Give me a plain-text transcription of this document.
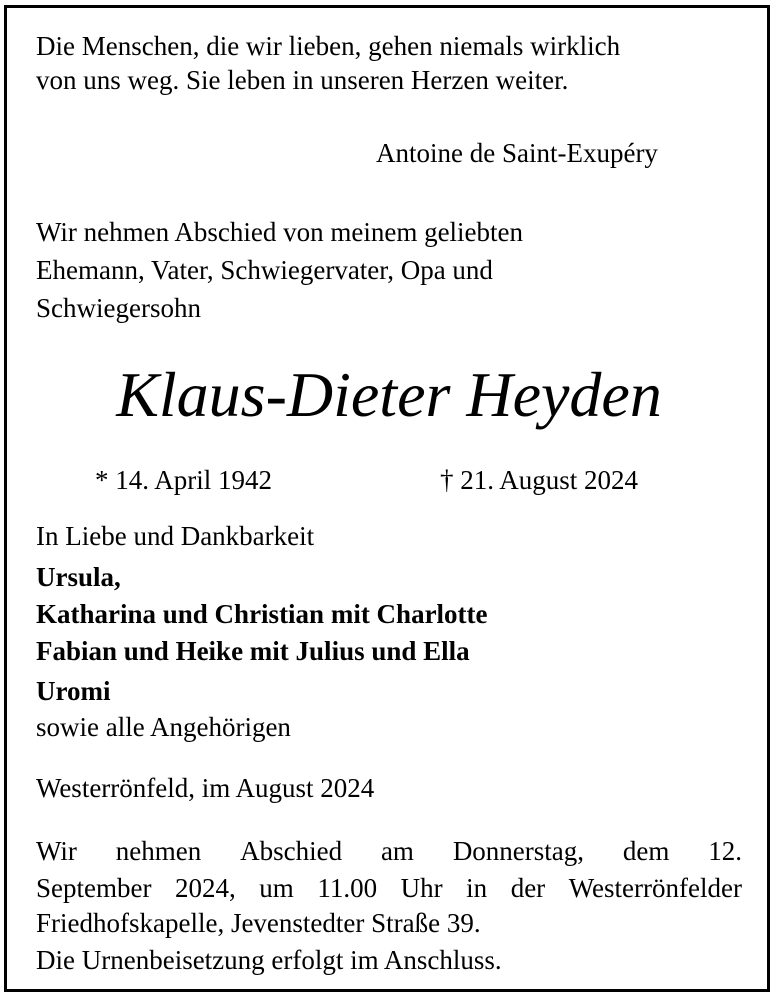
Die Menschen, die wir lieben, gehen niemals wirklich
von uns weg. Sie leben in unseren Herzen weiter.
Antoine de Saint-Exupéry
Wir nehmen Abschied von meinem geliebten
Ehemann, Vater, Schwiegervater, Opa und
Schwiegersohn
Klaus-Dieter Heyden
* 14. April 1942	† 21. August 2024
In Liebe und Dankbarkeit
Ursula,
Katharina und Christian mit Charlotte
Fabian und Heike mit Julius und Ella
Uromi
sowie alle Angehörigen
Westerrönfeld, im August 2024
Wir nehmen Abschied am Donnerstag, dem 12.
September 2024, um 11.00 Uhr in der Westerrönfelder
Friedhofskapelle, Jevenstedter Straße 39.
Die Urnenbeisetzung erfolgt im Anschluss.
